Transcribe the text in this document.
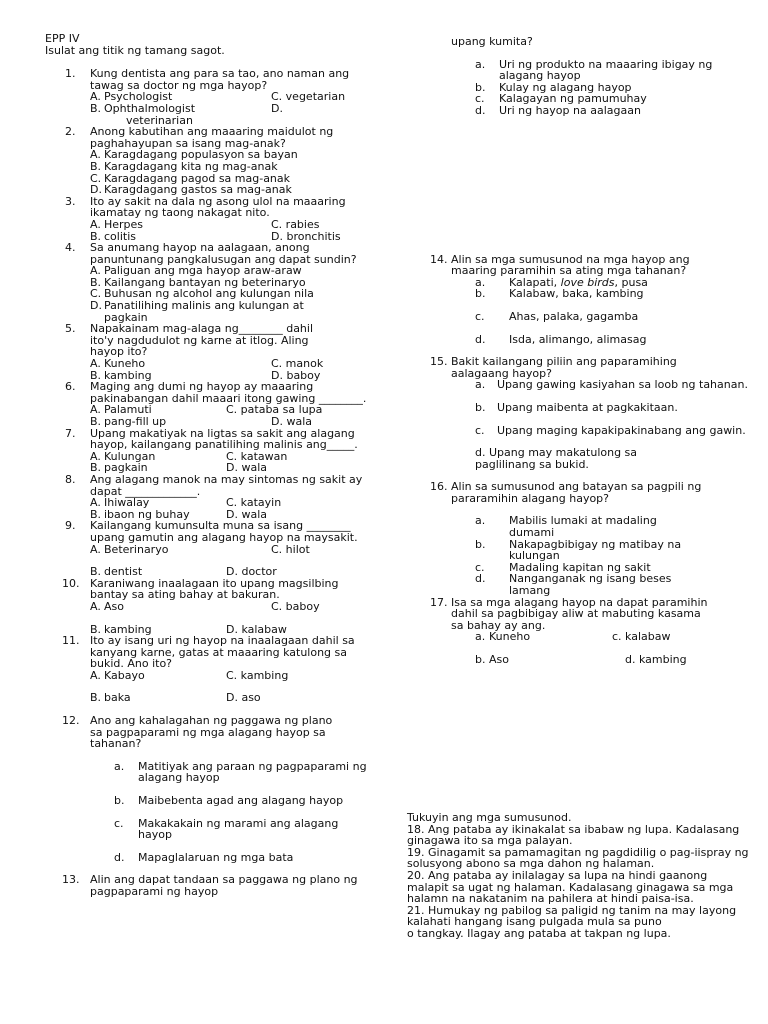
EPP IV
Isulat ang titik ng tamang sagot.
1. Kung dentista ang para sa tao, ano naman ang tawag sa doctor ng mga hayop?
A. Psychologist	C. vegetarian
B. Ophthalmologist	D.
veterinarian
2. Anong kabutihan ang maaaring maidulot ng paghahayupan sa isang mag-anak?
A. Karagdagang populasyon sa bayan
B. Karagdagang kita ng mag-anak
C. Karagdagang pagod sa mag-anak
D. Karagdagang gastos sa mag-anak
3. Ito ay sakit na dala ng asong ulol na maaaring ikamatay ng taong nakagat nito.
A. Herpes	C. rabies
B. colitis	D. bronchitis
4. Sa anumang hayop na aalagaan, anong panuntunang pangkalusugan ang dapat sundin?
A. Paliguan ang mga hayop araw-araw
B. Kailangang bantayan ng beterinaryo
C. Buhusan ng alcohol ang kulungan nila
D. Panatilihing malinis ang kulungan at pagkain
5. Napakainam mag-alaga ng________ dahil ito'y nagdudulot ng karne at itlog. Aling hayop ito?
A. Kuneho	C. manok
B. kambing	D. baboy
6. Maging ang dumi ng hayop ay maaaring pakinabangan dahil maaari itong gawing ________.
A. Palamuti	C. pataba sa lupa
B. pang-fill up	D. wala
7. Upang makatiyak na ligtas sa sakit ang alagang hayop, kailangang panatilihing malinis ang_____.
A. Kulungan	C. katawan
B. pagkain	D. wala
8. Ang alagang manok na may sintomas ng sakit ay dapat _____________.
A. Ihiwalay	C. katayin
B. ibaon ng buhay	D. wala
9. Kailangang kumunsulta muna sa isang ________ upang gamutin ang alagang hayop na maysakit.
A. Beterinaryo	C. hilot
B. dentist	D. doctor
10. Karaniwang inaalagaan ito upang magsilbing bantay sa ating bahay at bakuran.
A. Aso	C. baboy
B. kambing	D. kalabaw
11. Ito ay isang uri ng hayop na inaalagaan dahil sa kanyang karne, gatas at maaaring katulong sa bukid. Ano ito?
A. Kabayo	C. kambing
B. baka	D. aso
12. Ano ang kahalagahan ng paggawa ng plano sa pagpaparami ng mga alagang hayop sa tahanan?
a. Matitiyak ang paraan ng pagpaparami ng alagang hayop
b. Maibebenta agad ang alagang hayop
c. Makakakain ng marami ang alagang hayop
d. Mapaglalaruan ng mga bata
13. Alin ang dapat tandaan sa paggawa ng plano ng pagpaparami ng hayop
upang kumita?
a. Uri ng produkto na maaaring ibigay ng alagang hayop
b. Kulay ng alagang hayop
c. Kalagayan ng pamumuhay
d. Uri ng hayop na aalagaan
14. Alin sa mga sumusunod na mga hayop ang maaring paramihin sa ating mga tahanan?
a. Kalapati, love birds, pusa
b. Kalabaw, baka, kambing
c. Ahas, palaka, gagamba
d. Isda, alimango, alimasag
15. Bakit kailangang piliin ang paparamihing aalagaang hayop?
a. Upang gawing kasiyahan sa loob ng tahanan.
b. Upang maibenta at pagkakitaan.
c. Upang maging kapakipakinabang ang gawin.
d. Upang may makatulong sa paglilinang sa bukid.
16. Alin sa sumusunod ang batayan sa pagpili ng pararamihin alagang hayop?
a. Mabilis lumaki at madaling dumami
b. Nakapagbibigay ng matibay na kulungan
c. Madaling kapitan ng sakit
d. Nanganganak ng isang beses lamang
17. Isa sa mga alagang hayop na dapat paramihin dahil sa pagbibigay aliw at mabuting kasama sa bahay ay ang.
a. Kuneho	c. kalabaw
b. Aso	d. kambing

Tukuyin ang mga sumusunod.

18. Ang pataba ay ikinakalat sa ibabaw ng lupa. Kadalasang ginagawa ito sa mga palayan.

19. Ginagamit sa pamamagitan ng pagdidilig o pag-iispray ng solusyong abono sa mga dahon ng halaman.

20. Ang pataba ay inilalagay sa lupa na hindi gaanong malapit sa ugat ng halaman. Kadalasang ginagawa sa mga halamn na nakatanim na pahilera at hindi paisa-isa.

21. Humukay ng pabilog sa paligid ng tanim na may layong kalahati hangang isang pulgada mula sa puno

o tangkay. Ilagay ang pataba at takpan ng lupa.
